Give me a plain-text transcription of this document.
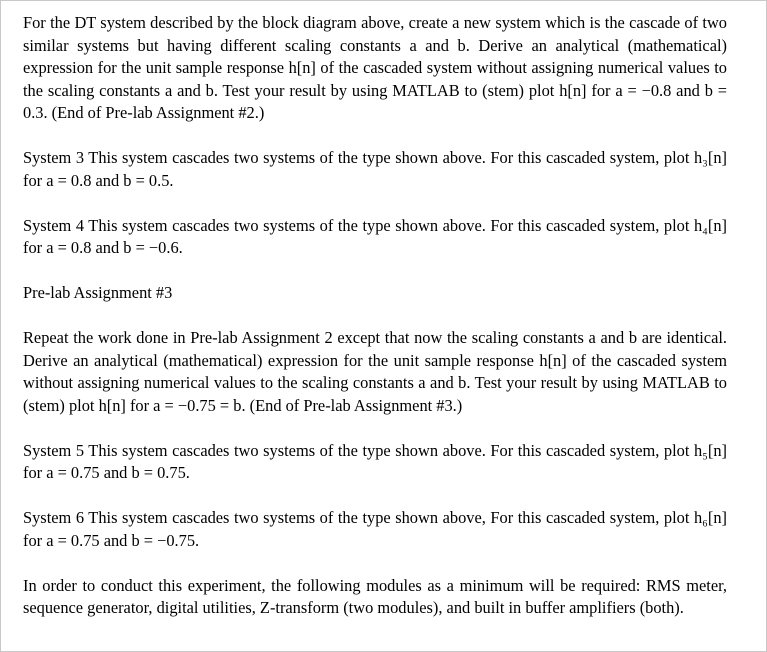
For the DT system described by the block diagram above, create a new system which is the cascade of two similar systems but having different scaling constants a and b. Derive an analytical (mathematical) expression for the unit sample response h[n] of the cascaded system without assigning numerical values to the scaling constants a and b. Test your result by using MATLAB to (stem) plot h[n] for a = −0.8 and b = 0.3. (End of Pre-lab Assignment #2.)

System 3 This system cascades two systems of the type shown above. For this cascaded system, plot h₃[n] for a = 0.8 and b = 0.5.

System 4 This system cascades two systems of the type shown above. For this cascaded system, plot h₄[n] for a = 0.8 and b = −0.6.

Pre-lab Assignment #3

Repeat the work done in Pre-lab Assignment 2 except that now the scaling constants a and b are identical. Derive an analytical (mathematical) expression for the unit sample response h[n] of the cascaded system without assigning numerical values to the scaling constants a and b. Test your result by using MATLAB to (stem) plot h[n] for a = −0.75 = b. (End of Pre-lab Assignment #3.)

System 5 This system cascades two systems of the type shown above. For this cascaded system, plot h₅[n] for a = 0.75 and b = 0.75.

System 6 This system cascades two systems of the type shown above, For this cascaded system, plot h₆[n] for a = 0.75 and b = −0.75.

In order to conduct this experiment, the following modules as a minimum will be required: RMS meter, sequence generator, digital utilities, Z-transform (two modules), and built in buffer amplifiers (both).
